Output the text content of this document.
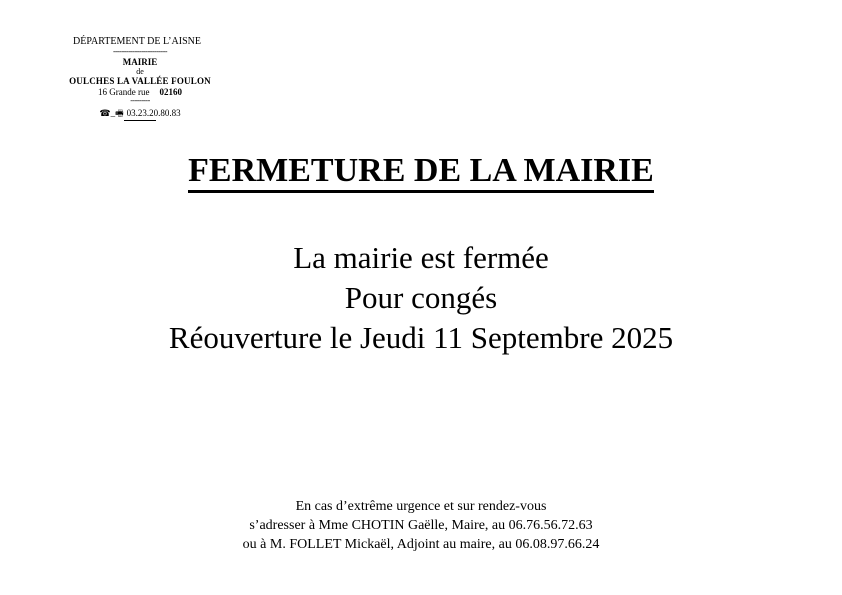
DÉPARTEMENT DE L’AISNE
-------------------------
MAIRIE
de
OULCHES LA VALLÉE FOULON
16 Grande rue 02160
---------
☎_🖷 03.23.20.80.83
FERMETURE DE LA MAIRIE
La mairie est fermée
Pour congés
Réouverture le Jeudi 11 Septembre 2025
En cas d’extrême urgence et sur rendez-vous
s’adresser à Mme CHOTIN Gaëlle, Maire, au 06.76.56.72.63
ou à M. FOLLET Mickaël, Adjoint au maire, au 06.08.97.66.24
